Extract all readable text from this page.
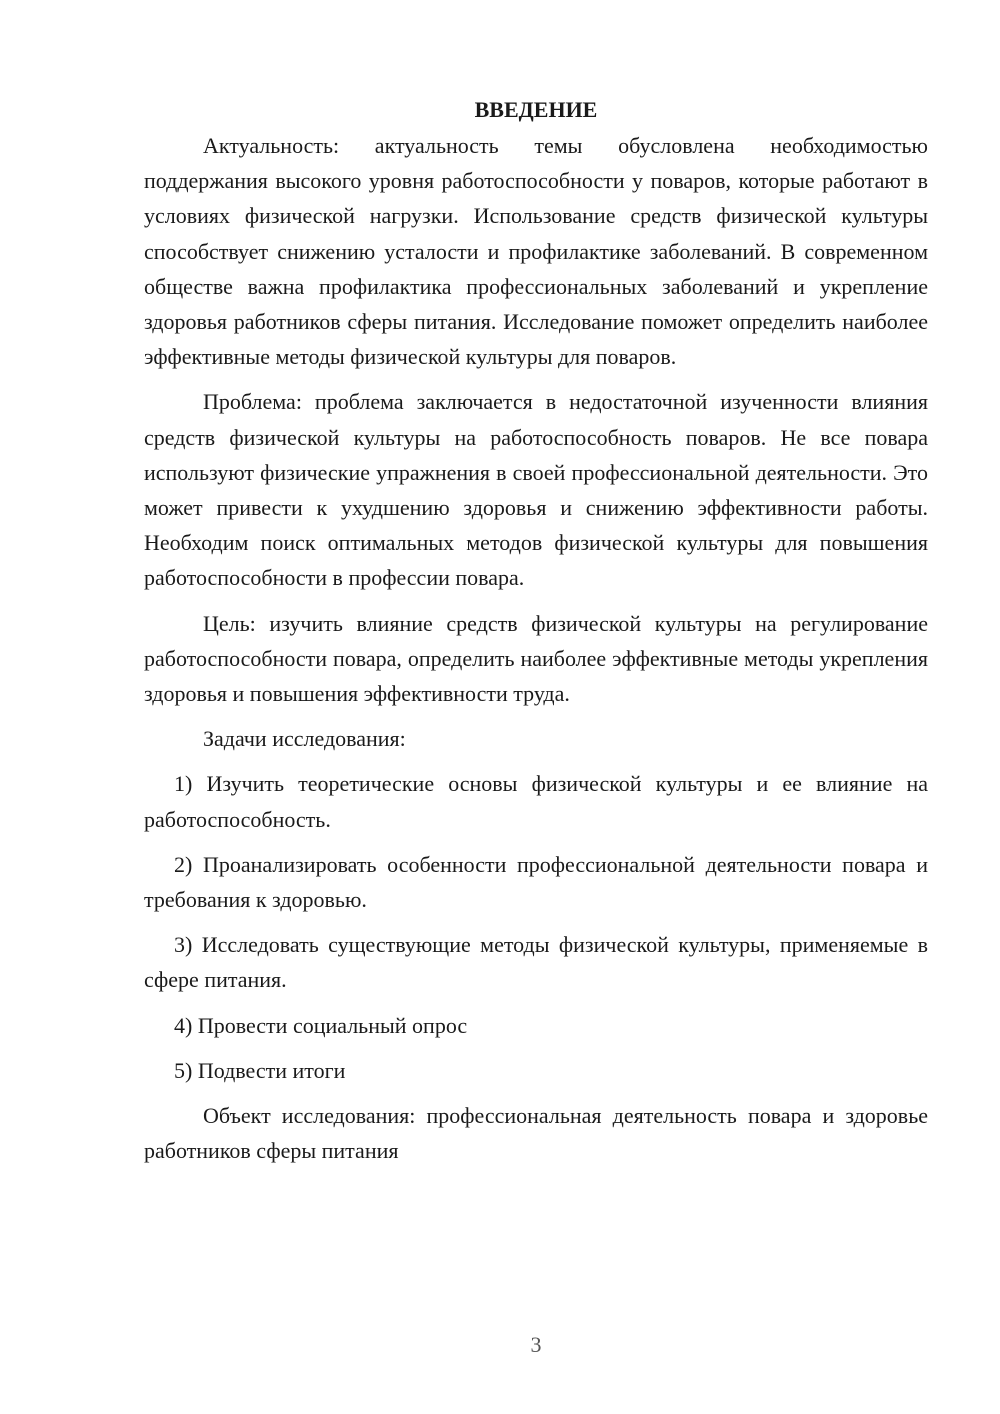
ВВЕДЕНИЕ

Актуальность: актуальность темы обусловлена необходимостью поддержания высокого уровня работоспособности у поваров, которые работают в условиях физической нагрузки. Использование средств физической культуры способствует снижению усталости и профилактике заболеваний. В современном обществе важна профилактика профессиональных заболеваний и укрепление здоровья работников сферы питания. Исследование поможет определить наиболее эффективные методы физической культуры для поваров.

Проблема: проблема заключается в недостаточной изученности влияния средств физической культуры на работоспособность поваров. Не все повара используют физические упражнения в своей профессиональной деятельности. Это может привести к ухудшению здоровья и снижению эффективности работы. Необходим поиск оптимальных методов физической культуры для повышения работоспособности в профессии повара.

Цель: изучить влияние средств физической культуры на регулирование работоспособности повара, определить наиболее эффективные методы укрепления здоровья и повышения эффективности труда.

Задачи исследования:

1) Изучить теоретические основы физической культуры и ее влияние на работоспособность.

2) Проанализировать особенности профессиональной деятельности повара и требования к здоровью.

3) Исследовать существующие методы физической культуры, применяемые в сфере питания.

4) Провести социальный опрос

5) Подвести итоги

Объект исследования: профессиональная деятельность повара и здоровье работников сферы питания

3
